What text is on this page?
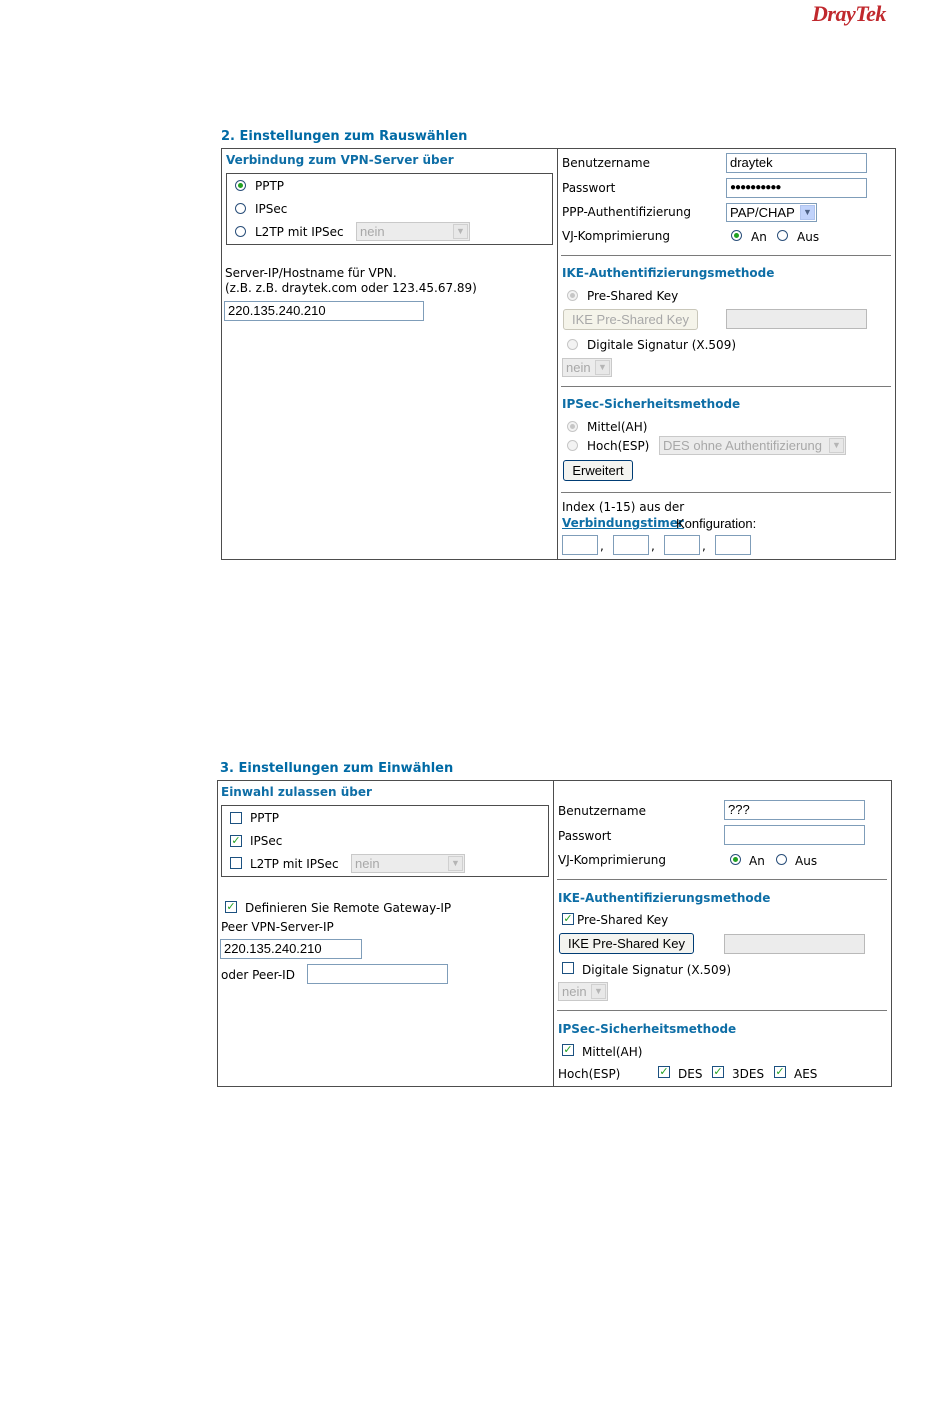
DrayTek
2. Einstellungen zum Rauswählen
Verbindung zum VPN-Server über
PPTP
IPSec
L2TP mit IPSec	nein	▼
Server-IP/Hostname für VPN.
(z.B. z.B. draytek.com oder 123.45.67.89)
220.135.240.210
Benutzername	draytek
Passwort	●●●●●●●●●●
PPP-Authentifizierung	PAP/CHAP ▼
VJ-Komprimierung	An	Aus
IKE-Authentifizierungsmethode
Pre-Shared Key
IKE Pre-Shared Key
Digitale Signatur (X.509)
nein ▼
IPSec-Sicherheitsmethode
Mittel(AH)
Hoch(ESP)	DES ohne Authentifizierung	▼
Erweitert
Index (1-15) aus der
Verbindungstimer
Konfiguration:
,	,	,
3. Einstellungen zum Einwählen
Einwahl zulassen über
PPTP
✓ IPSec
L2TP mit IPSec	nein	▼
✓ Definieren Sie Remote Gateway-IP
Peer VPN-Server-IP
220.135.240.210
oder Peer-ID
Benutzername	???
Passwort
VJ-Komprimierung	An	Aus
IKE-Authentifizierungsmethode
✓ Pre-Shared Key
IKE Pre-Shared Key
Digitale Signatur (X.509)
nein ▼
IPSec-Sicherheitsmethode
✓ Mittel(AH)
Hoch(ESP)	✓ DES ✓ 3DES ✓ AES
